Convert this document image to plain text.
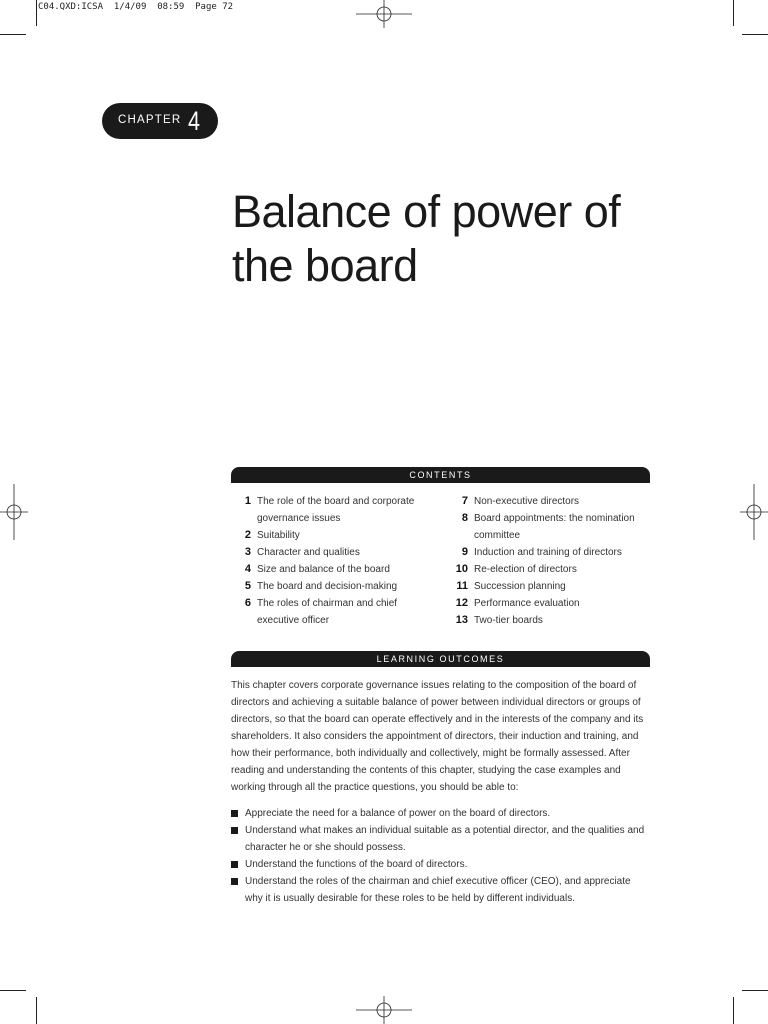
C04.QXD:ICSA  1/4/09  08:59  Page 72
CHAPTER 4
Balance of power of
the board
CONTENTS
1 The role of the board and corporate governance issues
2 Suitability
3 Character and qualities
4 Size and balance of the board
5 The board and decision-making
6 The roles of chairman and chief executive officer
7 Non-executive directors
8 Board appointments: the nomination committee
9 Induction and training of directors
10 Re-election of directors
11 Succession planning
12 Performance evaluation
13 Two-tier boards
LEARNING OUTCOMES

This chapter covers corporate governance issues relating to the composition of the board of directors and achieving a suitable balance of power between individual directors or groups of directors, so that the board can operate effectively and in the interests of the company and its shareholders. It also considers the appointment of directors, their induction and training, and how their performance, both individually and collectively, might be formally assessed. After reading and understanding the contents of this chapter, studying the case examples and working through all the practice questions, you should be able to:

Appreciate the need for a balance of power on the board of directors.
Understand what makes an individual suitable as a potential director, and the qualities and character he or she should possess.
Understand the functions of the board of directors.
Understand the roles of the chairman and chief executive officer (CEO), and appreciate why it is usually desirable for these roles to be held by different individuals.
